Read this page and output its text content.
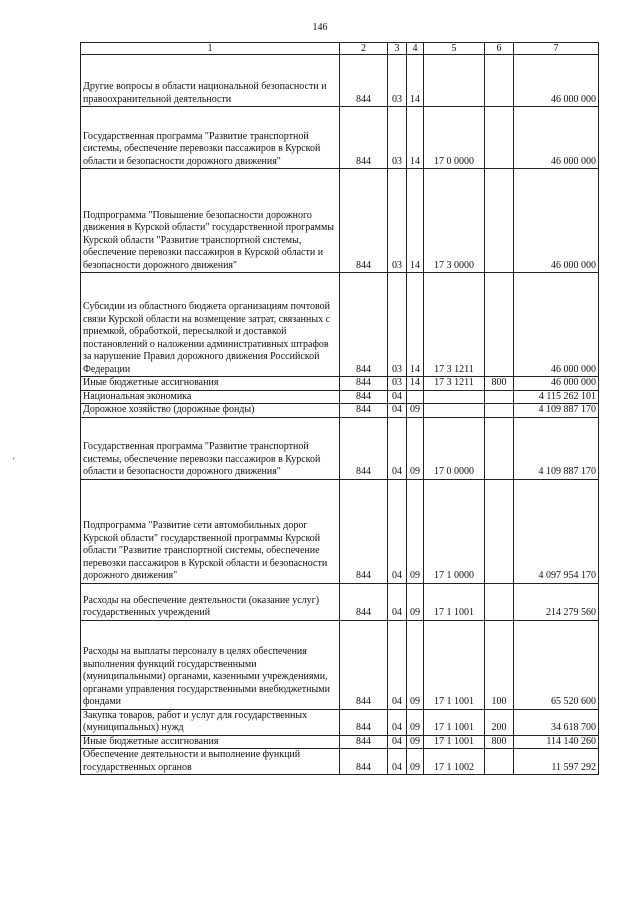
146
'
1	2	3	4	5	6	7
Другие вопросы в области национальной безопасности и правоохранительной деятельности	844	03	14			46 000 000
Государственная программа "Развитие транспортной системы, обеспечение перевозки пассажиров в Курской области и безопасности дорожного движения"	844	03	14	17 0 0000		46 000 000
Подпрограмма "Повышение безопасности дорожного движения в Курской области" государственной программы Курской области "Развитие транспортной системы, обеспечение перевозки пассажиров в Курской области и безопасности дорожного движения"	844	03	14	17 3 0000		46 000 000
Субсидии из областного бюджета организациям почтовой связи Курской области на возмещение затрат, связанных с приемкой, обработкой, пересылкой и доставкой постановлений о наложении административных штрафов за нарушение Правил дорожного движения Российской Федерации	844	03	14	17 3 1211		46 000 000
Иные бюджетные ассигнования	844	03	14	17 3 1211	800	46 000 000
Национальная экономика	844	04				4 115 262 101
Дорожное хозяйство (дорожные фонды)	844	04	09			4 109 887 170
Государственная программа "Развитие транспортной системы, обеспечение перевозки пассажиров в Курской области и безопасности дорожного движения"	844	04	09	17 0 0000		4 109 887 170
Подпрограмма "Развитие сети автомобильных дорог Курской области" государственной программы Курской области "Развитие транспортной системы, обеспечение перевозки пассажиров в Курской области и безопасности дорожного движения"	844	04	09	17 1 0000		4 097 954 170
Расходы на обеспечение деятельности (оказание услуг) государственных учреждений	844	04	09	17 1 1001		214 279 560
Расходы на выплаты персоналу в целях обеспечения выполнения функций государственными (муниципальными) органами, казенными учреждениями, органами управления государственными внебюджетными фондами	844	04	09	17 1 1001	100	65 520 600
Закупка товаров, работ и услуг для государственных (муниципальных) нужд	844	04	09	17 1 1001	200	34 618 700
Иные бюджетные ассигнования	844	04	09	17 1 1001	800	114 140 260
Обеспечение деятельности и выполнение функций государственных органов	844	04	09	17 1 1002		11 597 292
